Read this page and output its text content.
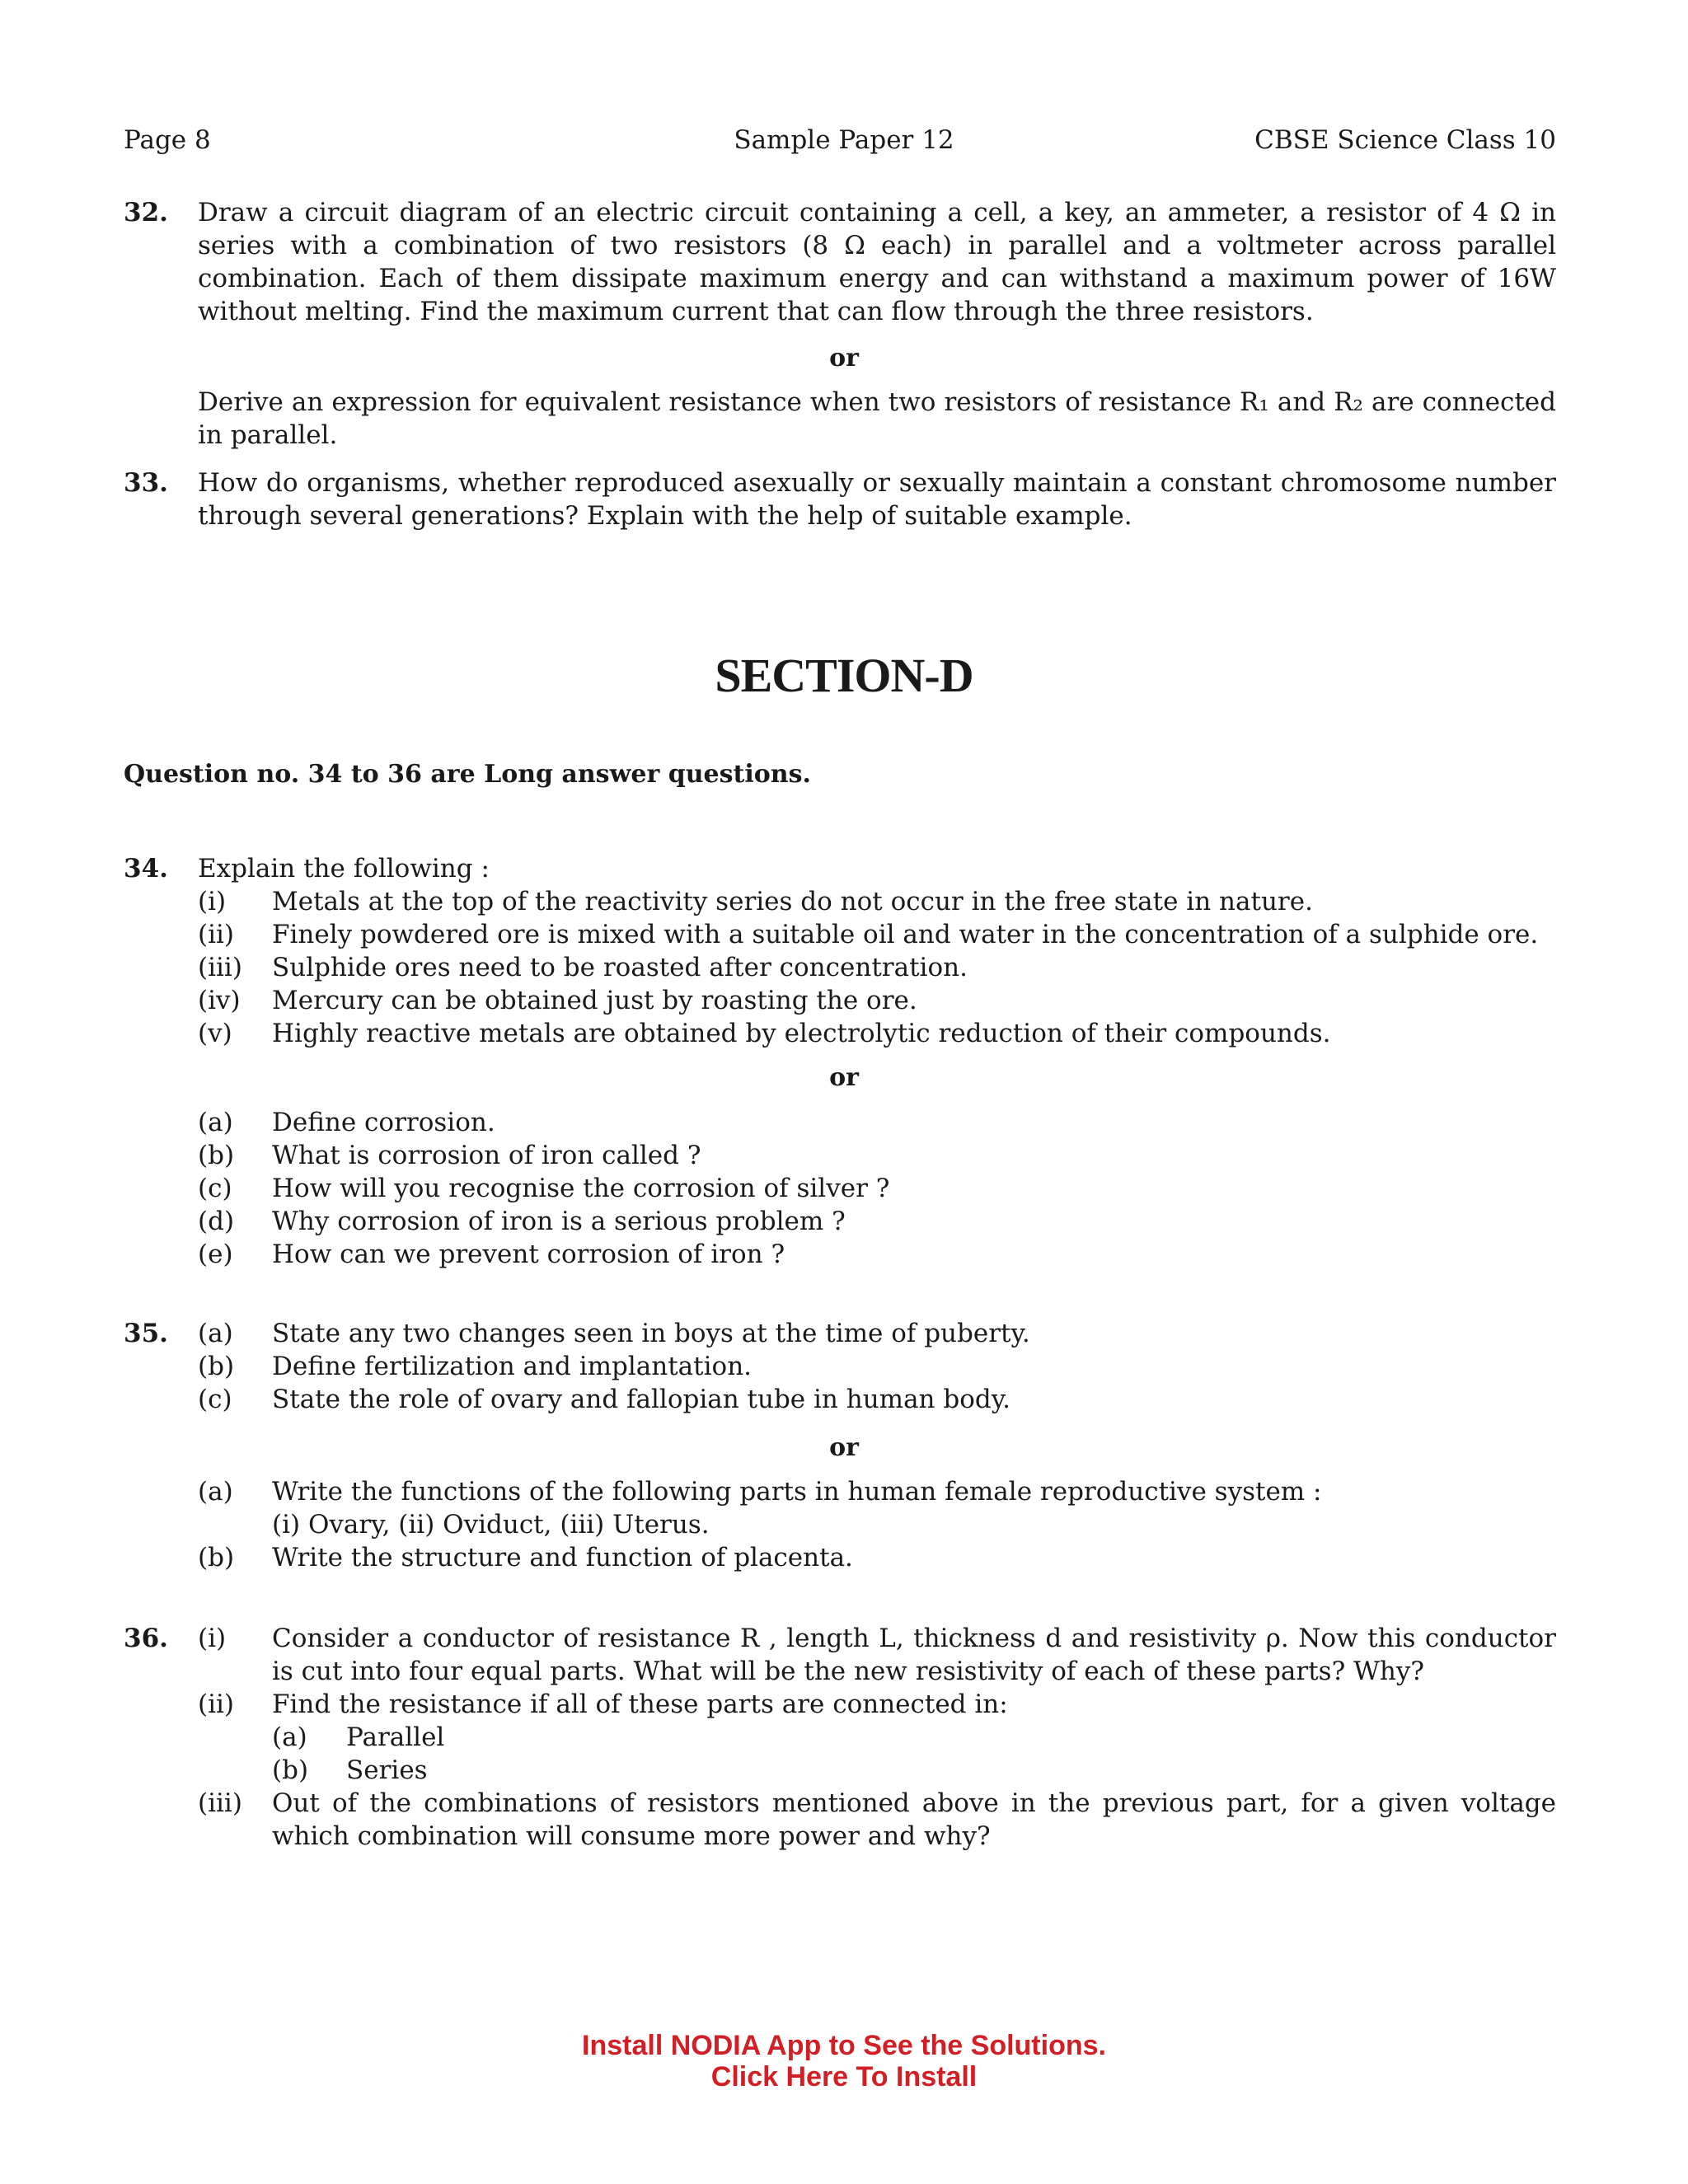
Page 8	Sample Paper 12	CBSE Science Class 10
32. Draw a circuit diagram of an electric circuit containing a cell, a key, an ammeter, a resistor of 4 Ω in series with a combination of two resistors (8 Ω each) in parallel and a voltmeter across parallel combination. Each of them dissipate maximum energy and can withstand a maximum power of 16W without melting. Find the maximum current that can flow through the three resistors.
or
Derive an expression for equivalent resistance when two resistors of resistance R₁ and R₂ are connected in parallel.
33. How do organisms, whether reproduced asexually or sexually maintain a constant chromosome number through several generations? Explain with the help of suitable example.
SECTION-D
Question no. 34 to 36 are Long answer questions.
34. Explain the following :
(i) Metals at the top of the reactivity series do not occur in the free state in nature.
(ii) Finely powdered ore is mixed with a suitable oil and water in the concentration of a sulphide ore.
(iii) Sulphide ores need to be roasted after concentration.
(iv) Mercury can be obtained just by roasting the ore.
(v) Highly reactive metals are obtained by electrolytic reduction of their compounds.
or
(a) Define corrosion.
(b) What is corrosion of iron called ?
(c) How will you recognise the corrosion of silver ?
(d) Why corrosion of iron is a serious problem ?
(e) How can we prevent corrosion of iron ?
35. (a) State any two changes seen in boys at the time of puberty.
(b) Define fertilization and implantation.
(c) State the role of ovary and fallopian tube in human body.
or
(a) Write the functions of the following parts in human female reproductive system :
(i) Ovary, (ii) Oviduct, (iii) Uterus.
(b) Write the structure and function of placenta.
36. (i) Consider a conductor of resistance R , length L, thickness d and resistivity ρ. Now this conductor is cut into four equal parts. What will be the new resistivity of each of these parts? Why?
(ii) Find the resistance if all of these parts are connected in:
(a) Parallel
(b) Series
(iii) Out of the combinations of resistors mentioned above in the previous part, for a given voltage which combination will consume more power and why?
Install NODIA App to See the Solutions.
Click Here To Install
